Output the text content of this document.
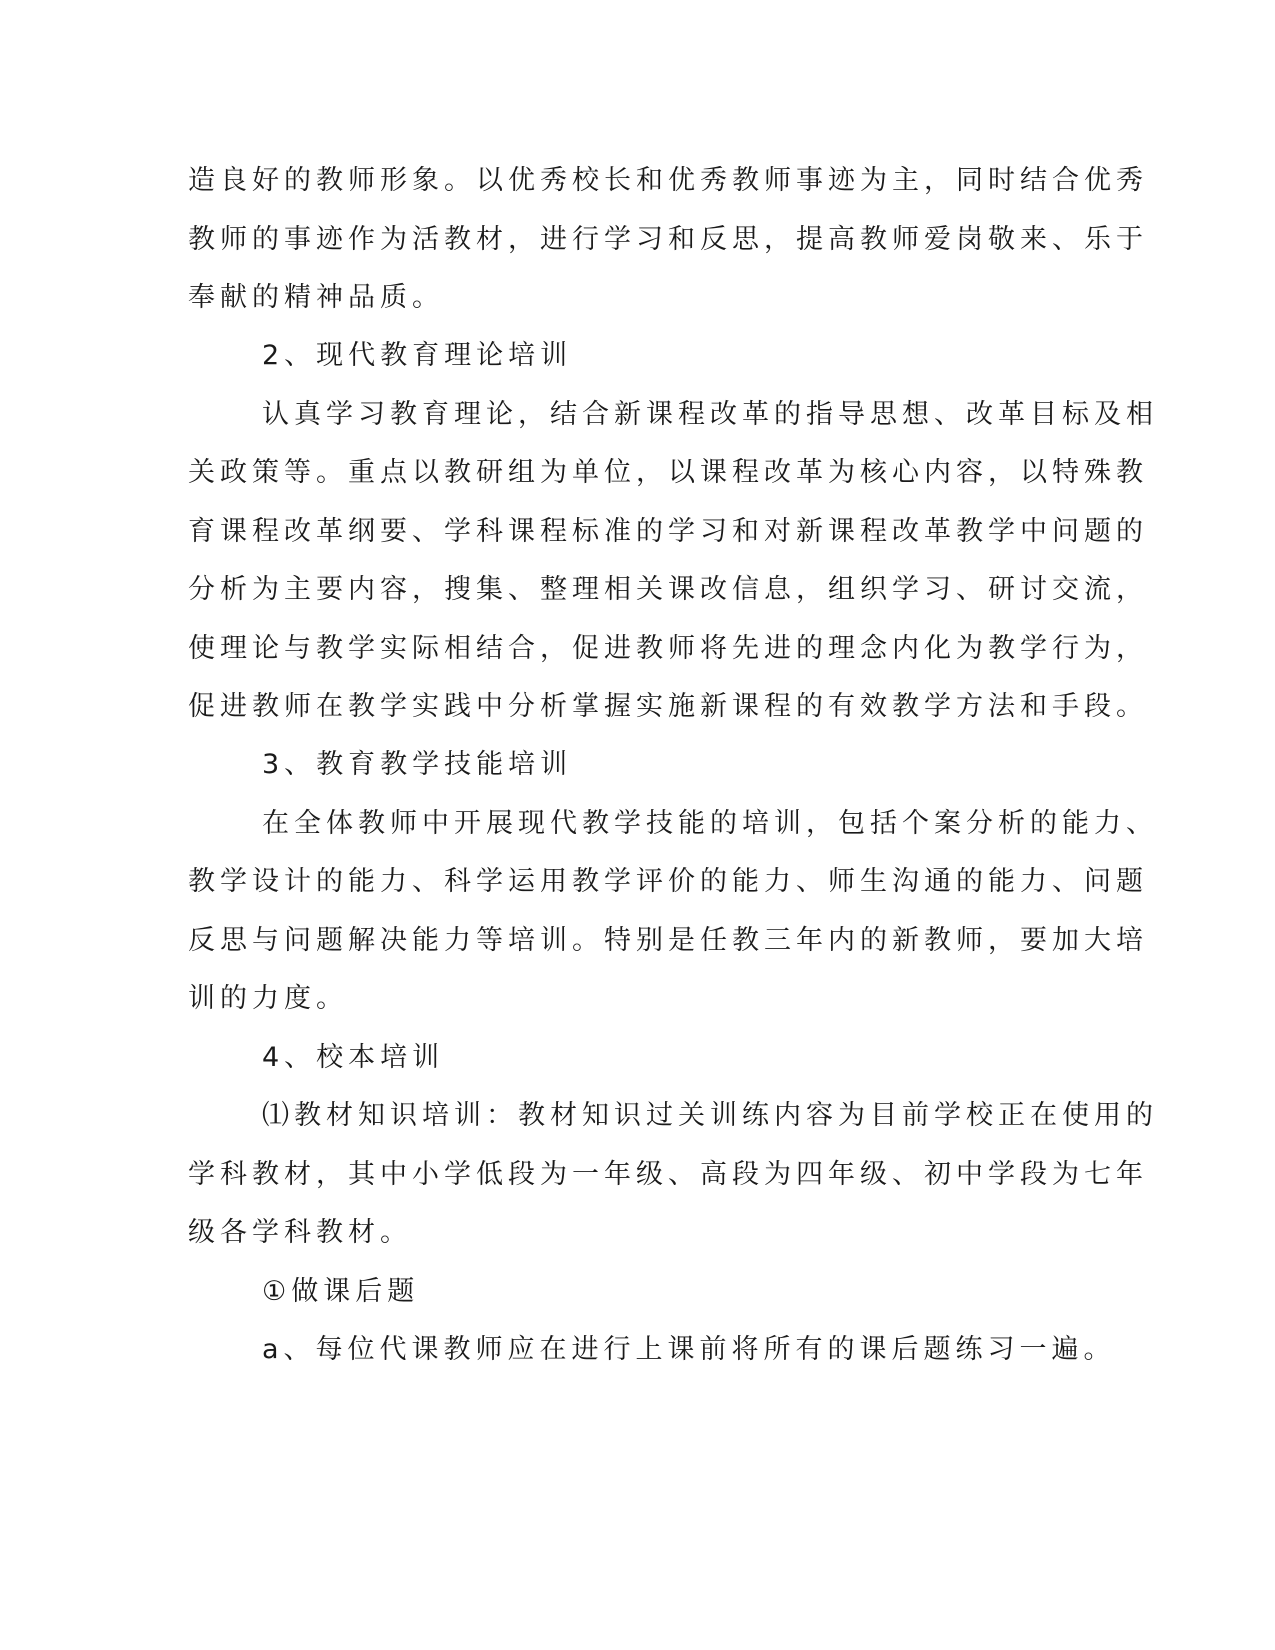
造良好的教师形象。以优秀校长和优秀教师事迹为主，同时结合优秀
教师的事迹作为活教材，进行学习和反思，提高教师爱岗敬来、乐于
奉献的精神品质。
2、现代教育理论培训
认真学习教育理论，结合新课程改革的指导思想、改革目标及相
关政策等。重点以教研组为单位，以课程改革为核心内容，以特殊教
育课程改革纲要、学科课程标准的学习和对新课程改革教学中问题的
分析为主要内容，搜集、整理相关课改信息，组织学习、研讨交流，
使理论与教学实际相结合，促进教师将先进的理念内化为教学行为，
促进教师在教学实践中分析掌握实施新课程的有效教学方法和手段。
3、教育教学技能培训
在全体教师中开展现代教学技能的培训，包括个案分析的能力、
教学设计的能力、科学运用教学评价的能力、师生沟通的能力、问题
反思与问题解决能力等培训。特别是任教三年内的新教师，要加大培
训的力度。
4、校本培训
⑴教材知识培训：教材知识过关训练内容为目前学校正在使用的
学科教材，其中小学低段为一年级、高段为四年级、初中学段为七年
级各学科教材。
①做课后题
a、每位代课教师应在进行上课前将所有的课后题练习一遍。
